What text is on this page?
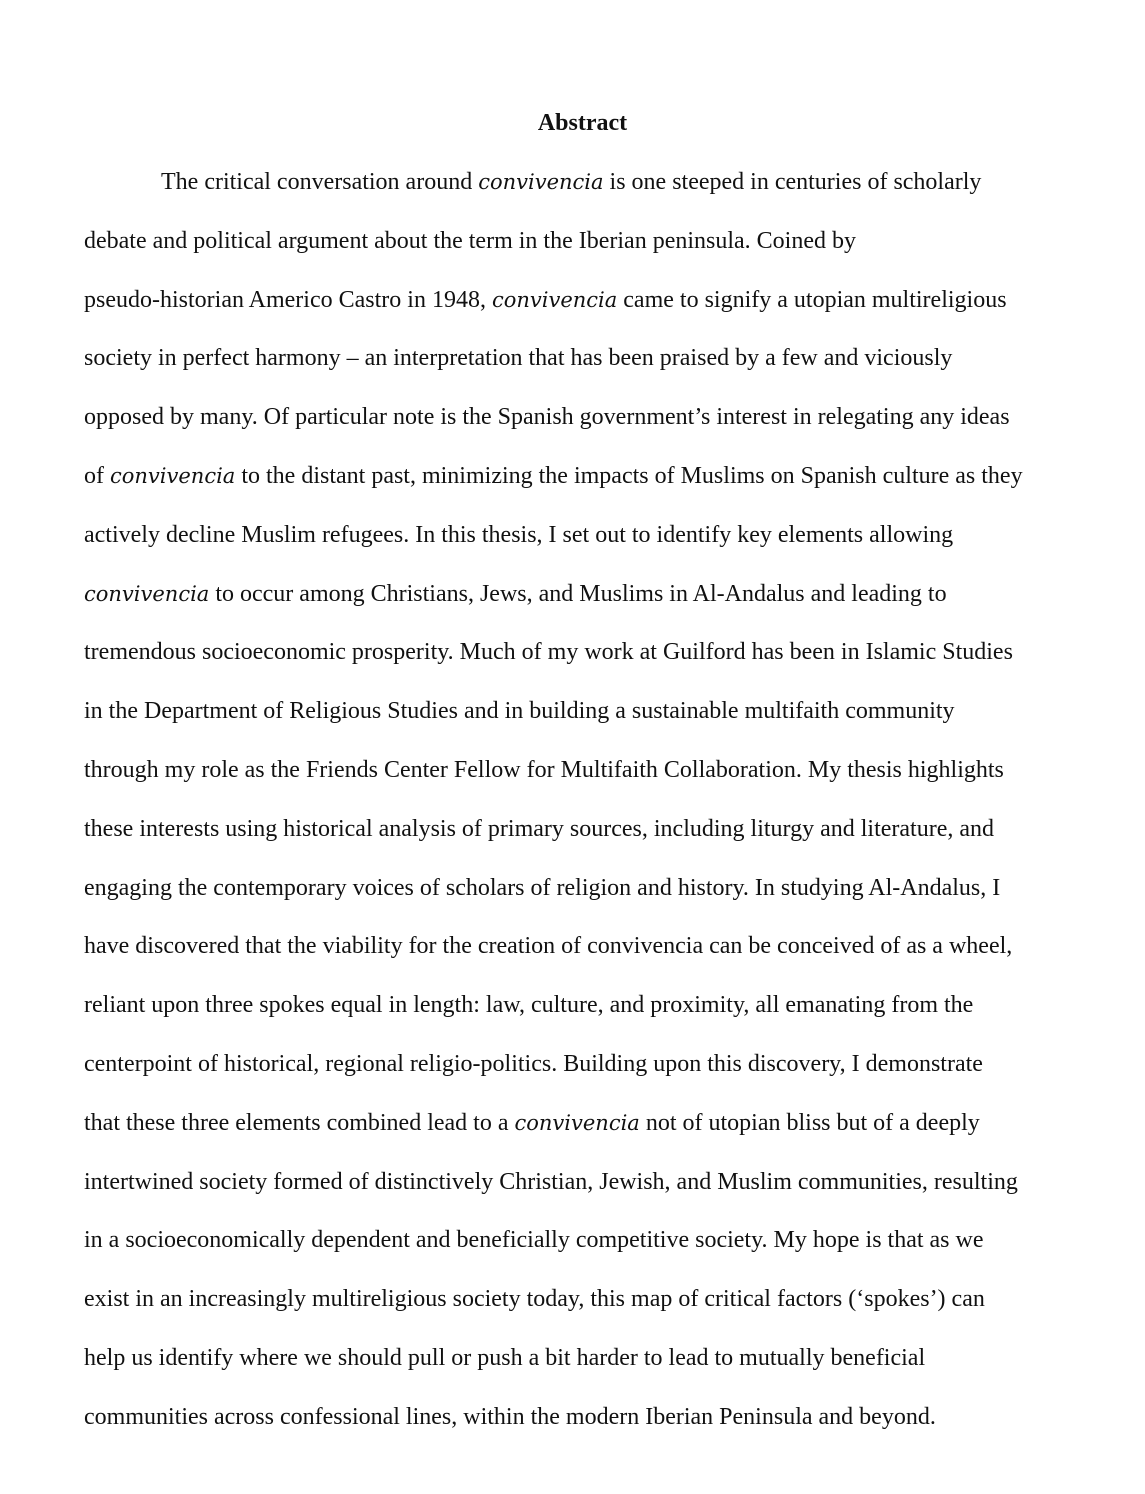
Abstract
The critical conversation around convivencia is one steeped in centuries of scholarly
debate and political argument about the term in the Iberian peninsula. Coined by
pseudo-historian Americo Castro in 1948, convivencia came to signify a utopian multireligious
society in perfect harmony – an interpretation that has been praised by a few and viciously
opposed by many. Of particular note is the Spanish government’s interest in relegating any ideas
of convivencia to the distant past, minimizing the impacts of Muslims on Spanish culture as they
actively decline Muslim refugees. In this thesis, I set out to identify key elements allowing
convivencia to occur among Christians, Jews, and Muslims in Al-Andalus and leading to
tremendous socioeconomic prosperity. Much of my work at Guilford has been in Islamic Studies
in the Department of Religious Studies and in building a sustainable multifaith community
through my role as the Friends Center Fellow for Multifaith Collaboration. My thesis highlights
these interests using historical analysis of primary sources, including liturgy and literature, and
engaging the contemporary voices of scholars of religion and history. In studying Al-Andalus, I
have discovered that the viability for the creation of convivencia can be conceived of as a wheel,
reliant upon three spokes equal in length: law, culture, and proximity, all emanating from the
centerpoint of historical, regional religio-politics. Building upon this discovery, I demonstrate
that these three elements combined lead to a convivencia not of utopian bliss but of a deeply
intertwined society formed of distinctively Christian, Jewish, and Muslim communities, resulting
in a socioeconomically dependent and beneficially competitive society. My hope is that as we
exist in an increasingly multireligious society today, this map of critical factors (‘spokes’) can
help us identify where we should pull or push a bit harder to lead to mutually beneficial
communities across confessional lines, within the modern Iberian Peninsula and beyond.
